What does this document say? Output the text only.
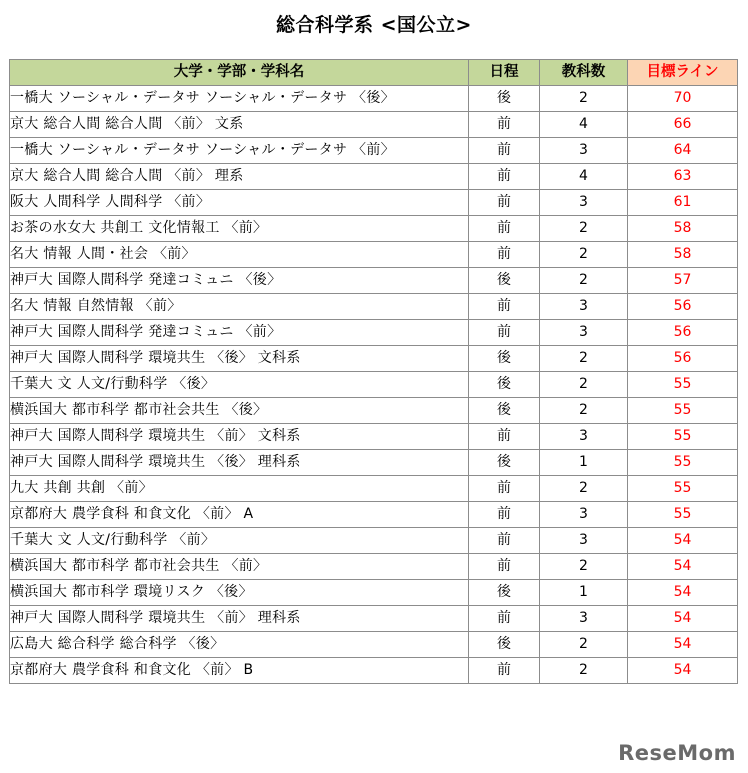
総合科学系 <国公立>
大学・学部・学科名	日程	教科数	目標ライン
一橋大 ソーシャル・データサ ソーシャル・データサ 〈後〉	後	2	70
京大 総合人間 総合人間 〈前〉 文系	前	4	66
一橋大 ソーシャル・データサ ソーシャル・データサ 〈前〉	前	3	64
京大 総合人間 総合人間 〈前〉 理系	前	4	63
阪大 人間科学 人間科学 〈前〉	前	3	61
お茶の水女大 共創工 文化情報工 〈前〉	前	2	58
名大 情報 人間・社会 〈前〉	前	2	58
神戸大 国際人間科学 発達コミュニ 〈後〉	後	2	57
名大 情報 自然情報 〈前〉	前	3	56
神戸大 国際人間科学 発達コミュニ 〈前〉	前	3	56
神戸大 国際人間科学 環境共生 〈後〉 文科系	後	2	56
千葉大 文 人文/行動科学 〈後〉	後	2	55
横浜国大 都市科学 都市社会共生 〈後〉	後	2	55
神戸大 国際人間科学 環境共生 〈前〉 文科系	前	3	55
神戸大 国際人間科学 環境共生 〈後〉 理科系	後	1	55
九大 共創 共創 〈前〉	前	2	55
京都府大 農学食科 和食文化 〈前〉 A	前	3	55
千葉大 文 人文/行動科学 〈前〉	前	3	54
横浜国大 都市科学 都市社会共生 〈前〉	前	2	54
横浜国大 都市科学 環境リスク 〈後〉	後	1	54
神戸大 国際人間科学 環境共生 〈前〉 理科系	前	3	54
広島大 総合科学 総合科学 〈後〉	後	2	54
京都府大 農学食科 和食文化 〈前〉 B	前	2	54
ReseMom
